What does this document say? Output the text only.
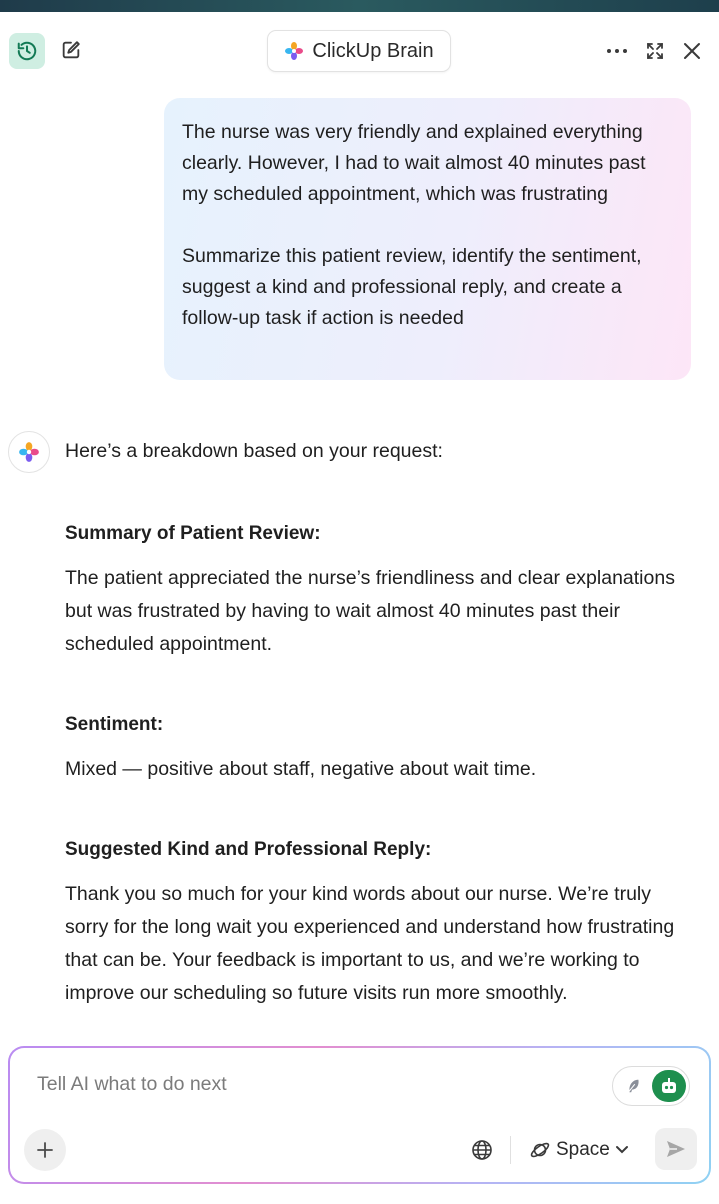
ClickUp Brain

The nurse was very friendly and explained everything clearly. However, I had to wait almost 40 minutes past my scheduled appointment, which was frustrating

Summarize this patient review, identify the sentiment, suggest a kind and professional reply, and create a follow-up task if action is needed

Here’s a breakdown based on your request:

Summary of Patient Review:

The patient appreciated the nurse’s friendliness and clear explanations but was frustrated by having to wait almost 40 minutes past their scheduled appointment.

Sentiment:

Mixed — positive about staff, negative about wait time.

Suggested Kind and Professional Reply:

Thank you so much for your kind words about our nurse. We’re truly sorry for the long wait you experienced and understand how frustrating that can be. Your feedback is important to us, and we’re working to improve our scheduling so future visits run more smoothly.

Tell AI what to do next
Space
